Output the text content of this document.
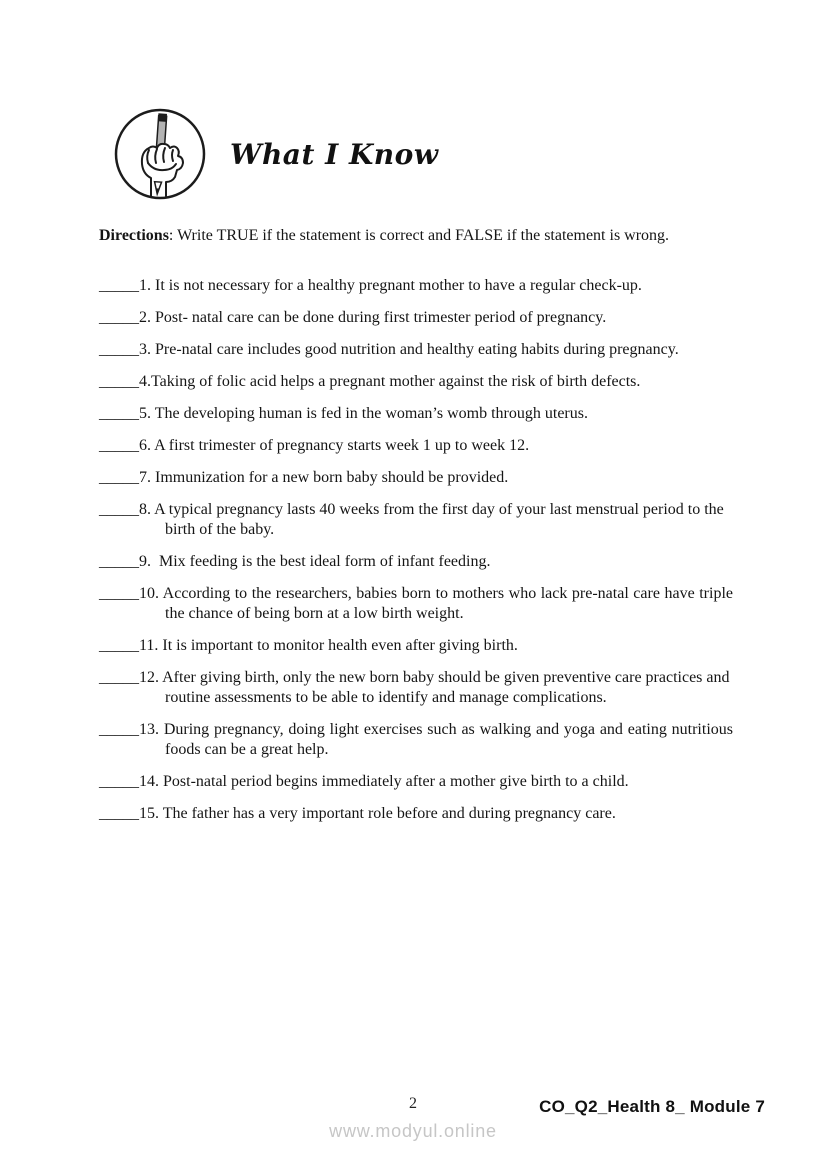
What I Know
Directions: Write TRUE if the statement is correct and FALSE if the statement is wrong.
_____1. It is not necessary for a healthy pregnant mother to have a regular check-up.
_____2. Post- natal care can be done during first trimester period of pregnancy.
_____3. Pre-natal care includes good nutrition and healthy eating habits during pregnancy.
_____4.Taking of folic acid helps a pregnant mother against the risk of birth defects.
_____5. The developing human is fed in the woman’s womb through uterus.
_____6. A first trimester of pregnancy starts week 1 up to week 12.
_____7. Immunization for a new born baby should be provided.
_____8. A typical pregnancy lasts 40 weeks from the first day of your last menstrual period to the birth of the baby.
_____9.  Mix feeding is the best ideal form of infant feeding.
_____10. According to the researchers, babies born to mothers who lack pre-natal care have triple the chance of being born at a low birth weight.
_____11. It is important to monitor health even after giving birth.
_____12. After giving birth, only the new born baby should be given preventive care practices and routine assessments to be able to identify and manage complications.
_____13. During pregnancy, doing light exercises such as walking and yoga and eating nutritious foods can be a great help.
_____14. Post-natal period begins immediately after a mother give birth to a child.
_____15. The father has a very important role before and during pregnancy care.
2	CO_Q2_Health 8_ Module 7
www.modyul.online
